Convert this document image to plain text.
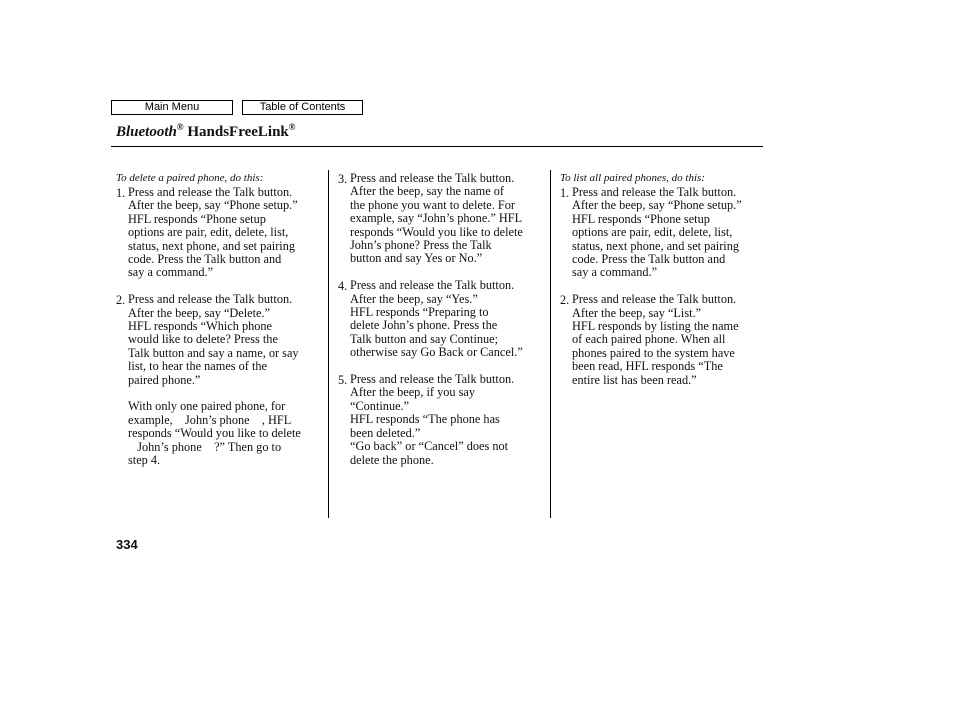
Main Menu	Table of Contents
Bluetooth® HandsFreeLink®

To delete a paired phone, do this:

1. Press and release the Talk button.

After the beep, say “Phone setup.”

HFL responds “Phone setup

options are pair, edit, delete, list,

status, next phone, and set pairing

code. Press the Talk button and

say a command.”

2. Press and release the Talk button.

After the beep, say “Delete.”

HFL responds “Which phone

would like to delete? Press the

Talk button and say a name, or say

list, to hear the names of the

paired phone.”

With only one paired phone, for

example,    John’s phone    , HFL

responds “Would you like to delete

John’s phone    ?” Then go to

step 4.

3. Press and release the Talk button.

After the beep, say the name of

the phone you want to delete. For

example, say “John’s phone.” HFL

responds “Would you like to delete

John’s phone? Press the Talk

button and say Yes or No.”

4. Press and release the Talk button.

After the beep, say “Yes.”

HFL responds “Preparing to

delete John’s phone. Press the

Talk button and say Continue;

otherwise say Go Back or Cancel.”

5. Press and release the Talk button.

After the beep, if you say

“Continue.”

HFL responds “The phone has

been deleted.”

“Go back” or “Cancel” does not

delete the phone.

To list all paired phones, do this:

1. Press and release the Talk button.

After the beep, say “Phone setup.”

HFL responds “Phone setup

options are pair, edit, delete, list,

status, next phone, and set pairing

code. Press the Talk button and

say a command.”

2. Press and release the Talk button.

After the beep, say “List.”

HFL responds by listing the name

of each paired phone. When all

phones paired to the system have

been read, HFL responds “The

entire list has been read.”

334
